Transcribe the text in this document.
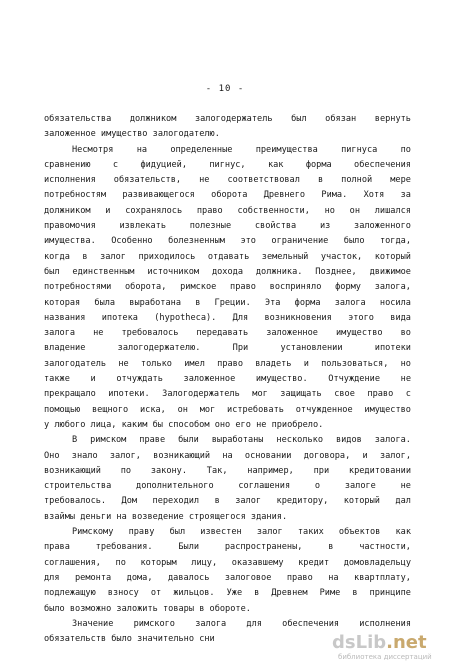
- 10 -
обязательства должником залогодержатель был обязан вернуть
заложенное имущество залогодателю.
Несмотря	на	определенные	преимущества	пигнуса	по
сравнению	с	фидуцией,	пигнус,	как	форма	обеспечения
исполнения обязательств, не соответствовал в полной мере
потребностям развивающегося оборота Древнего Рима. Хотя за
должником и сохранялось право собственности, но он лишался
правомочия	извлекать	полезные	свойства	из	заложенного
имущества. Особенно болезненным это ограничение было тогда,
когда в залог приходилось отдавать земельный участок, который
был единственным источником дохода должника. Позднее, движимое
потребностями оборота, римское право восприняло форму залога,
которая была выработана в Греции. Эта форма залога носила
названия ипотека (hypotheca). Для возникновения этого вида
залога не требовалось передавать заложенное имущество во
владение	залогодержателю.	При	установлении	ипотеки
залогодатель не только имел право владеть и пользоваться, но
также и отчуждать заложенное имущество. Отчуждение не
прекращало ипотеки. Залогодержатель мог защищать свое право с
помощью вещного иска, он мог истребовать отчужденное имущество
у любого лица, каким бы способом оно его не приобрело.
В римском праве были выработаны несколько видов залога.
Оно знало залог, возникающий на основании договора, и залог,
возникающий по закону. Так, например, при кредитовании
строительства	дополнительного	соглашения	о	залоге	не
требовалось. Дом переходил в залог кредитору, который дал
взаймы деньги на возведение строящегося здания.
Римскому праву был известен залог таких объектов как
права	требования.	Были	распространены,	в	частности,
соглашения, по которым лицу, оказавшему кредит домовладельцу
для ремонта дома, давалось залоговое право на квартплату,
подлежащую взносу от жильцов. Уже в Древнем Риме в принципе
было возможно заложить товары в обороте.
Значение римского залога для обеспечения исполнения
обязательств было значительно сни	dsLib.net
библиотека диссертаций
